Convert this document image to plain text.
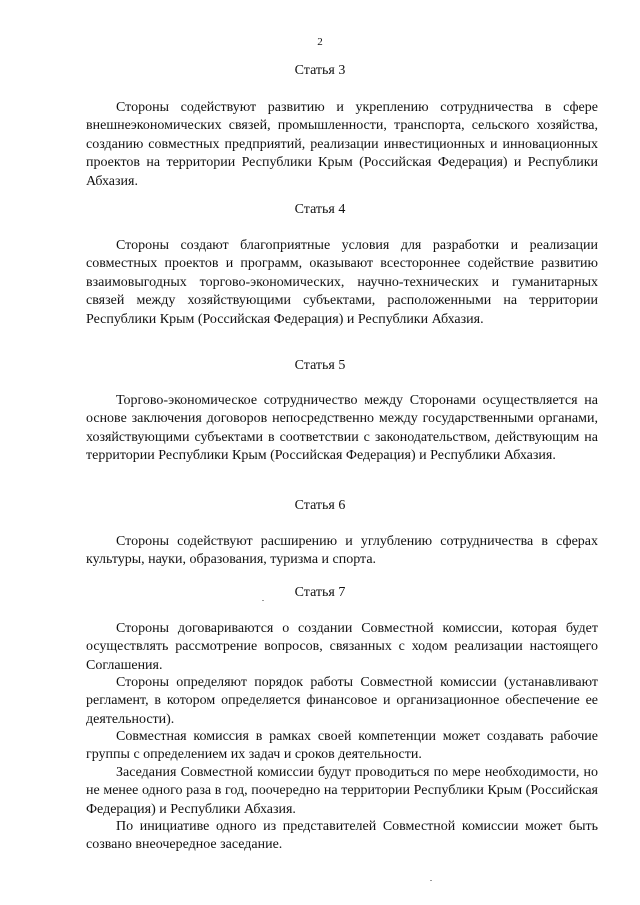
2
Статья 3

Стороны содействуют развитию и укреплению сотрудничества в сфере внешнеэкономических связей, промышленности, транспорта, сельского хозяйства, созданию совместных предприятий, реализации инвестиционных и инновационных проектов на территории Республики Крым (Российская Федерация) и Республики Абхазия.

Статья 4

Стороны создают благоприятные условия для разработки и реализации совместных проектов и программ, оказывают всестороннее содействие развитию взаимовыгодных торгово-экономических, научно-технических и гуманитарных связей между хозяйствующими субъектами, расположенными на территории Республики Крым (Российская Федерация) и Республики Абхазия.

Статья 5

Торгово-экономическое сотрудничество между Сторонами осуществляется на основе заключения договоров непосредственно между государственными органами, хозяйствующими субъектами в соответствии с законодательством, действующим на территории Республики Крым (Российская Федерация) и Республики Абхазия.

Статья 6

Стороны содействуют расширению и углублению сотрудничества в сферах культуры, науки, образования, туризма и спорта.

Статья 7

Стороны договариваются о создании Совместной комиссии, которая будет осуществлять рассмотрение вопросов, связанных с ходом реализации настоящего Соглашения.

Стороны определяют порядок работы Совместной комиссии (устанавливают регламент, в котором определяется финансовое и организационное обеспечение ее деятельности).

Совместная комиссия в рамках своей компетенции может создавать рабочие группы с определением их задач и сроков деятельности.

Заседания Совместной комиссии будут проводиться по мере необходимости, но не менее одного раза в год, поочередно на территории Республики Крым (Российская Федерация) и Республики Абхазия.

По инициативе одного из представителей Совместной комиссии может быть созвано внеочередное заседание.
